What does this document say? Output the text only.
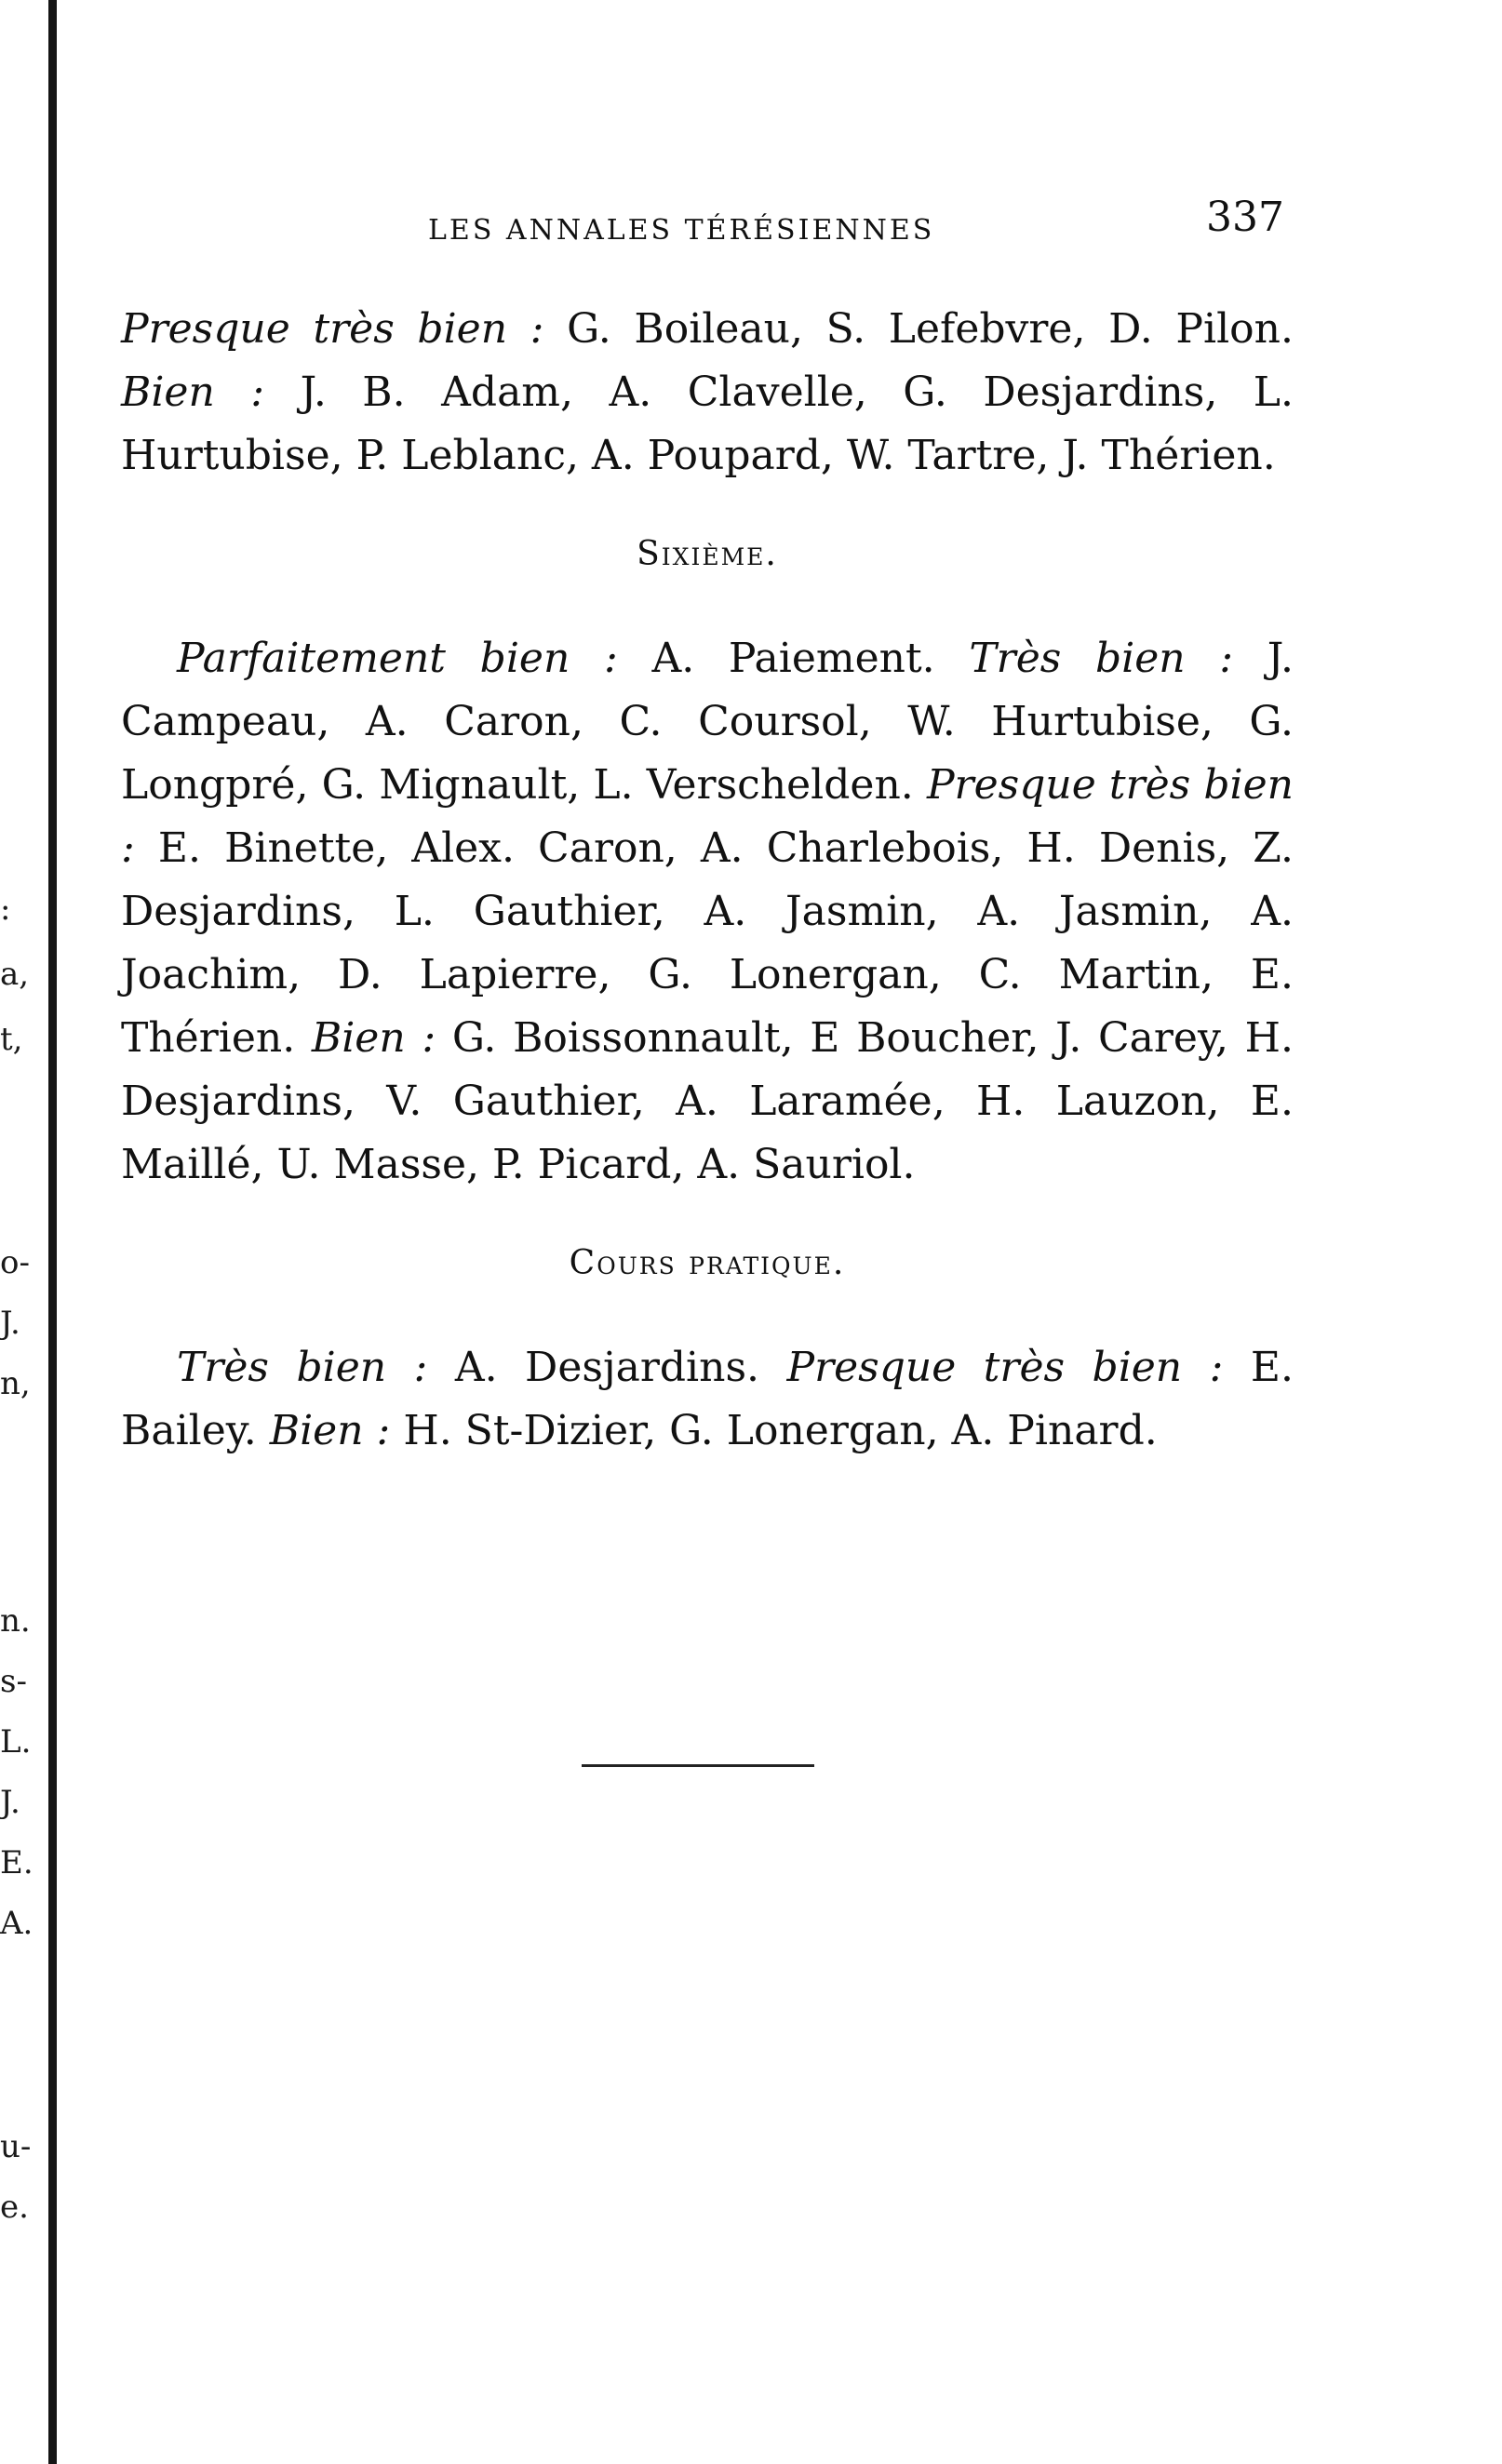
:
a,
t,
o-
J.
n,
n.
s-
L.
J.
E.
A.
u-
e.
LES ANNALES TÉRÉSIENNES	337

Presque très bien : G. Boileau, S. Lefebvre, D. Pilon. Bien : J. B. Adam, A. Clavelle, G. Desjardins, L. Hurtubise, P. Leblanc, A. Poupard, W. Tartre, J. Thérien.

Sixième.

Parfaitement bien : A. Paiement. Très bien : J. Campeau, A. Caron, C. Coursol, W. Hurtubise, G. Longpré, G. Mignault, L. Verschelden. Presque très bien : E. Binette, Alex. Caron, A. Charlebois, H. Denis, Z. Desjardins, L. Gauthier, A. Jasmin, A. Jasmin, A. Joachim, D. Lapierre, G. Lonergan, C. Martin, E. Thérien. Bien : G. Boissonnault, E Boucher, J. Carey, H. Desjardins, V. Gauthier, A. Laramée, H. Lauzon, E. Maillé, U. Masse, P. Picard, A. Sauriol.

Cours pratique.

Très bien : A. Desjardins. Presque très bien : E. Bailey. Bien : H. St-Dizier, G. Lonergan, A. Pinard.
